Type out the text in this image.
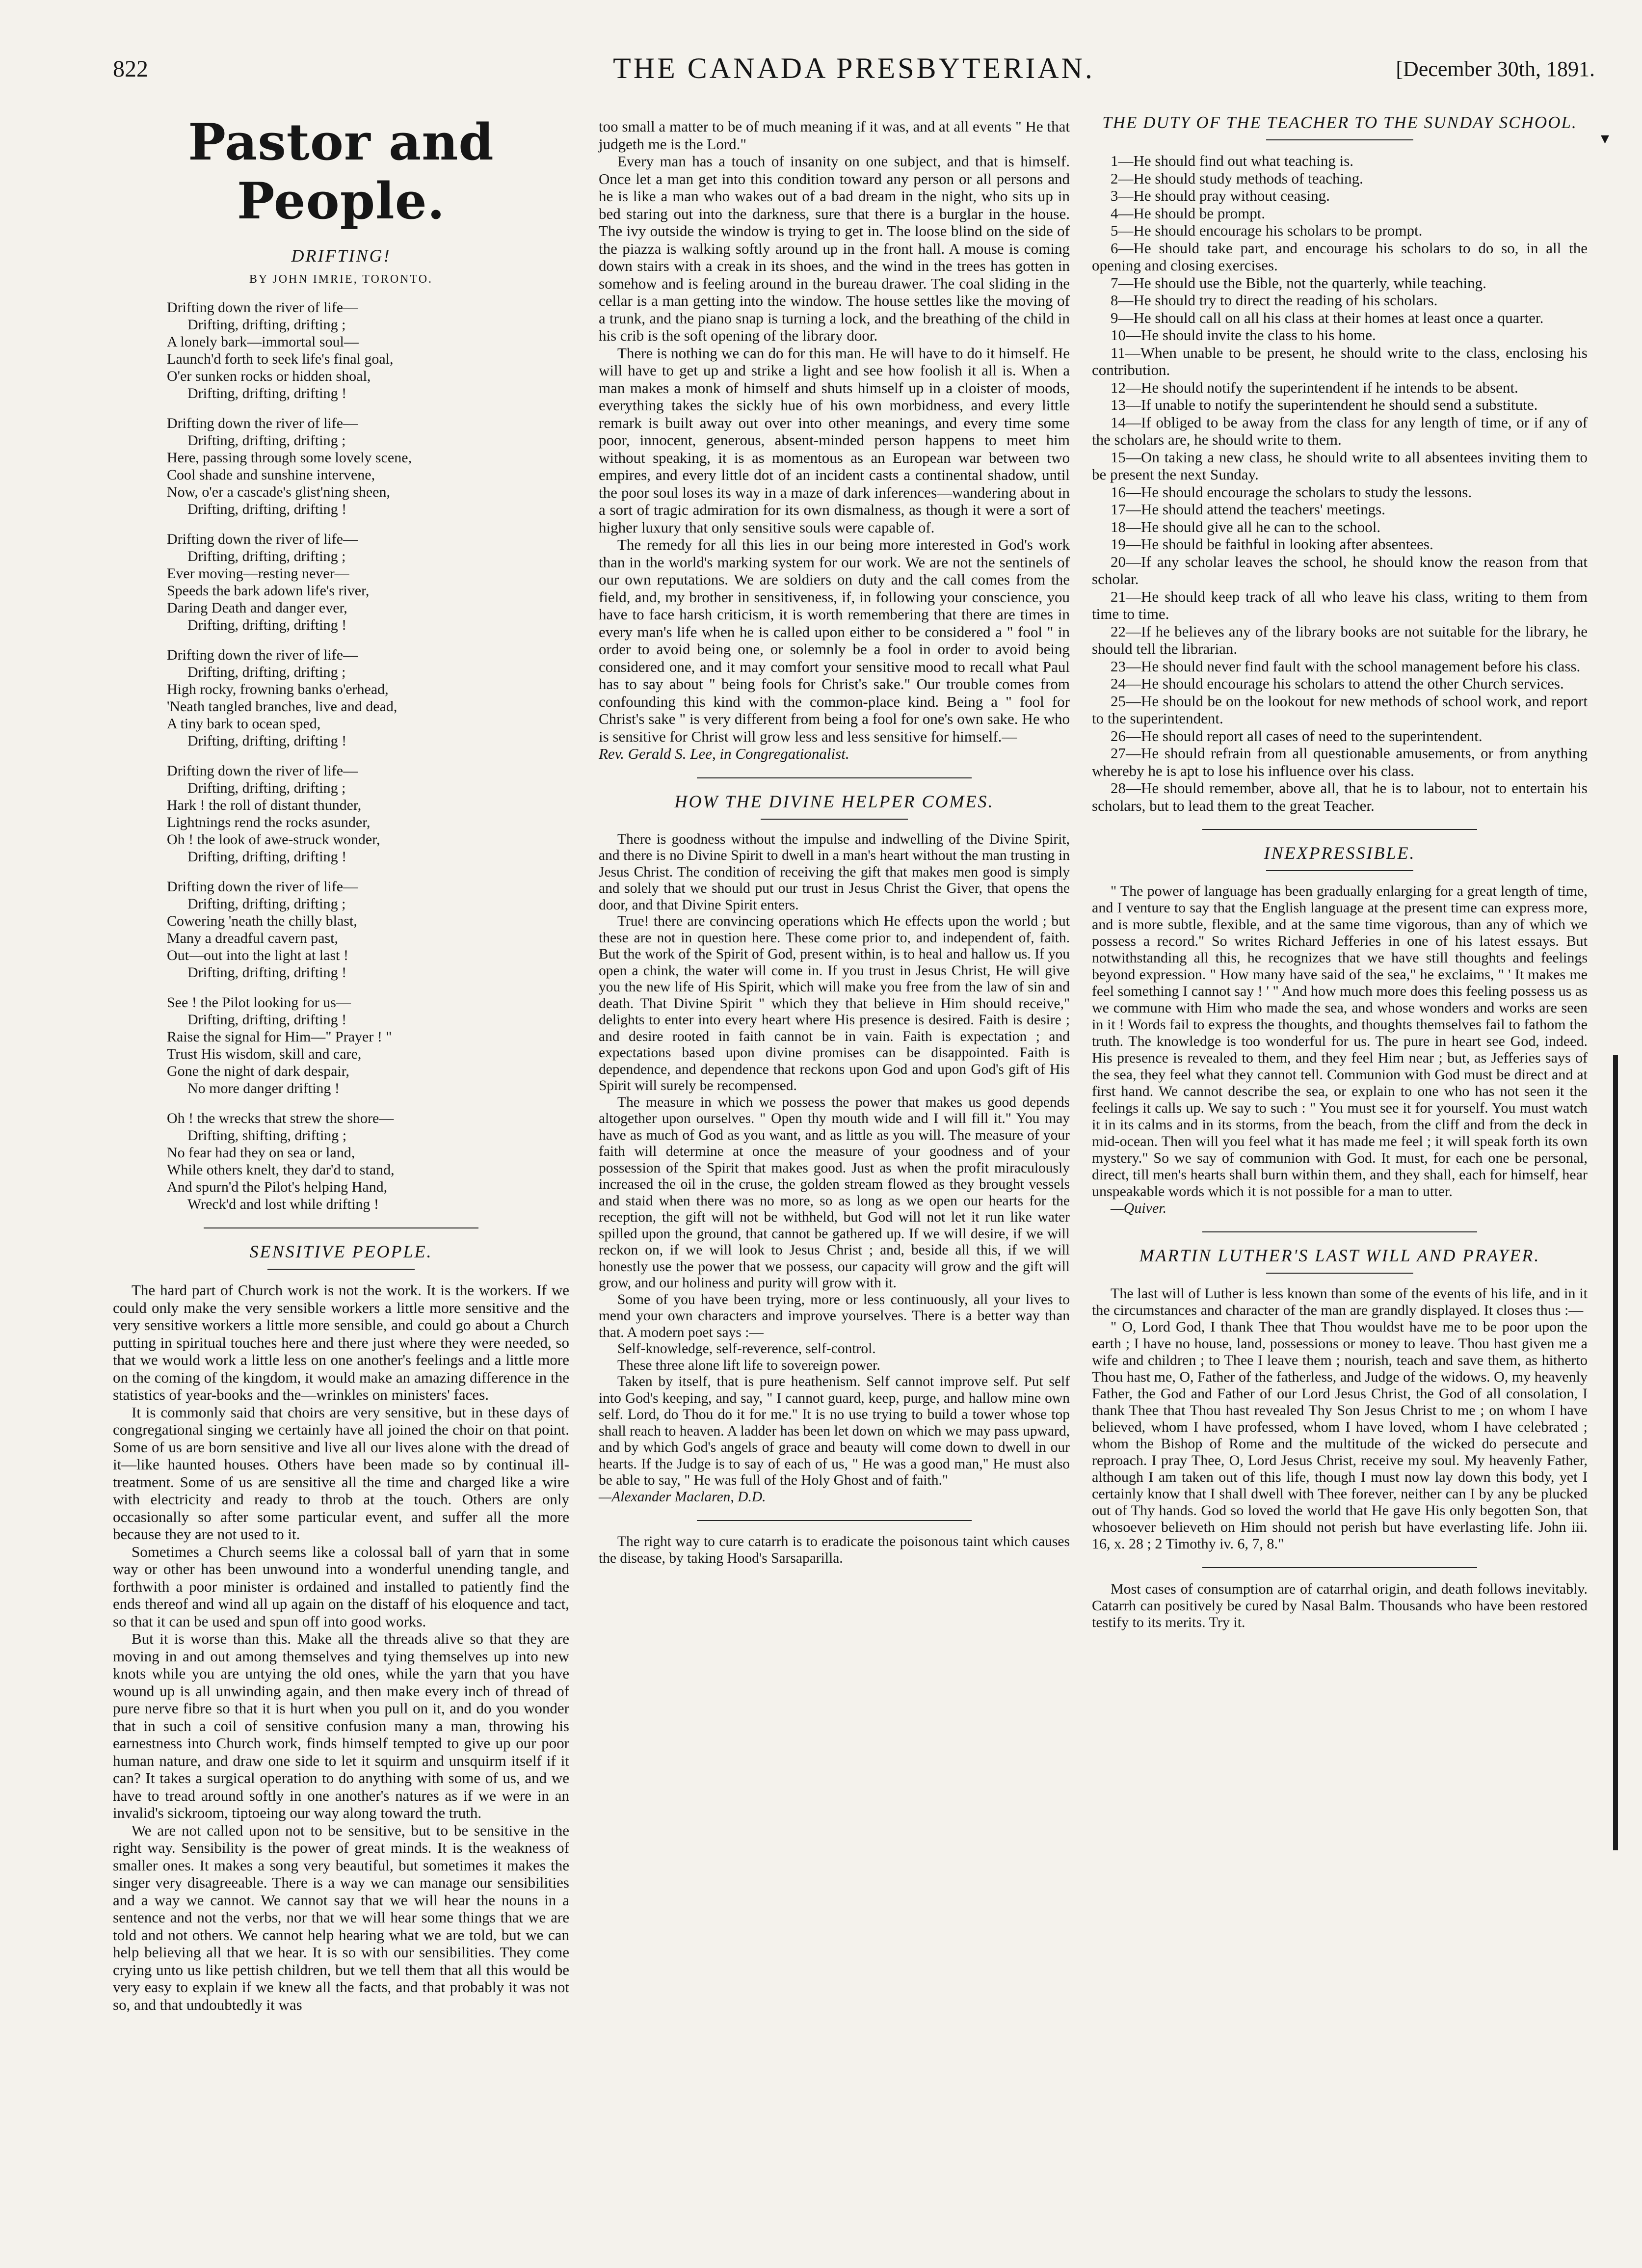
822	THE CANADA PRESBYTERIAN.	[December 30th, 1891.
▾
Pastor and People.
DRIFTING!
BY JOHN IMRIE, TORONTO.
Drifting down the river of life—
Drifting, drifting, drifting ;
A lonely bark—immortal soul—
Launch'd forth to seek life's final goal,
O'er sunken rocks or hidden shoal,
Drifting, drifting, drifting !
Drifting down the river of life—
Drifting, drifting, drifting ;
Here, passing through some lovely scene,
Cool shade and sunshine intervene,
Now, o'er a cascade's glist'ning sheen,
Drifting, drifting, drifting !
Drifting down the river of life—
Drifting, drifting, drifting ;
Ever moving—resting never—
Speeds the bark adown life's river,
Daring Death and danger ever,
Drifting, drifting, drifting !
Drifting down the river of life—
Drifting, drifting, drifting ;
High rocky, frowning banks o'erhead,
'Neath tangled branches, live and dead,
A tiny bark to ocean sped,
Drifting, drifting, drifting !
Drifting down the river of life—
Drifting, drifting, drifting ;
Hark ! the roll of distant thunder,
Lightnings rend the rocks asunder,
Oh ! the look of awe-struck wonder,
Drifting, drifting, drifting !
Drifting down the river of life—
Drifting, drifting, drifting ;
Cowering 'neath the chilly blast,
Many a dreadful cavern past,
Out—out into the light at last !
Drifting, drifting, drifting !
See ! the Pilot looking for us—
Drifting, drifting, drifting !
Raise the signal for Him—" Prayer ! "
Trust His wisdom, skill and care,
Gone the night of dark despair,
No more danger drifting !
Oh ! the wrecks that strew the shore—
Drifting, shifting, drifting ;
No fear had they on sea or land,
While others knelt, they dar'd to stand,
And spurn'd the Pilot's helping Hand,
Wreck'd and lost while drifting !
SENSITIVE PEOPLE.

The hard part of Church work is not the work. It is the workers. If we could only make the very sensible workers a little more sensitive and the very sensitive workers a little more sensible, and could go about a Church putting in spiritual touches here and there just where they were needed, so that we would work a little less on one another's feelings and a little more on the coming of the kingdom, it would make an amazing difference in the statistics of year-books and the—wrinkles on ministers' faces.

It is commonly said that choirs are very sensitive, but in these days of congregational singing we certainly have all joined the choir on that point. Some of us are born sensitive and live all our lives alone with the dread of it—like haunted houses. Others have been made so by continual ill-treatment. Some of us are sensitive all the time and charged like a wire with electricity and ready to throb at the touch. Others are only occasionally so after some particular event, and suffer all the more because they are not used to it.

Sometimes a Church seems like a colossal ball of yarn that in some way or other has been unwound into a wonderful unending tangle, and forthwith a poor minister is ordained and installed to patiently find the ends thereof and wind all up again on the distaff of his eloquence and tact, so that it can be used and spun off into good works.

But it is worse than this. Make all the threads alive so that they are moving in and out among themselves and tying themselves up into new knots while you are untying the old ones, while the yarn that you have wound up is all unwinding again, and then make every inch of thread of pure nerve fibre so that it is hurt when you pull on it, and do you wonder that in such a coil of sensitive confusion many a man, throwing his earnestness into Church work, finds himself tempted to give up our poor human nature, and draw one side to let it squirm and unsquirm itself if it can? It takes a surgical operation to do anything with some of us, and we have to tread around softly in one another's natures as if we were in an invalid's sickroom, tiptoeing our way along toward the truth.

We are not called upon not to be sensitive, but to be sensitive in the right way. Sensibility is the power of great minds. It is the weakness of smaller ones. It makes a song very beautiful, but sometimes it makes the singer very disagreeable. There is a way we can manage our sensibilities and a way we cannot. We cannot say that we will hear the nouns in a sentence and not the verbs, nor that we will hear some things that we are told and not others. We cannot help hearing what we are told, but we can help believing all that we hear. It is so with our sensibilities. They come crying unto us like pettish children, but we tell them that all this would be very easy to explain if we knew all the facts, and that probably it was not so, and that undoubtedly it was

too small a matter to be of much meaning if it was, and at all events " He that judgeth me is the Lord."

Every man has a touch of insanity on one subject, and that is himself. Once let a man get into this condition toward any person or all persons and he is like a man who wakes out of a bad dream in the night, who sits up in bed staring out into the darkness, sure that there is a burglar in the house. The ivy outside the window is trying to get in. The loose blind on the side of the piazza is walking softly around up in the front hall. A mouse is coming down stairs with a creak in its shoes, and the wind in the trees has gotten in somehow and is feeling around in the bureau drawer. The coal sliding in the cellar is a man getting into the window. The house settles like the moving of a trunk, and the piano snap is turning a lock, and the breathing of the child in his crib is the soft opening of the library door.

There is nothing we can do for this man. He will have to do it himself. He will have to get up and strike a light and see how foolish it all is. When a man makes a monk of himself and shuts himself up in a cloister of moods, everything takes the sickly hue of his own morbidness, and every little remark is built away out over into other meanings, and every time some poor, innocent, generous, absent-minded person happens to meet him without speaking, it is as momentous as an European war between two empires, and every little dot of an incident casts a continental shadow, until the poor soul loses its way in a maze of dark inferences—wandering about in a sort of tragic admiration for its own dismalness, as though it were a sort of higher luxury that only sensitive souls were capable of.

The remedy for all this lies in our being more interested in God's work than in the world's marking system for our work. We are not the sentinels of our own reputations. We are soldiers on duty and the call comes from the field, and, my brother in sensitiveness, if, in following your conscience, you have to face harsh criticism, it is worth remembering that there are times in every man's life when he is called upon either to be considered a " fool " in order to avoid being one, or solemnly be a fool in order to avoid being considered one, and it may comfort your sensitive mood to recall what Paul has to say about " being fools for Christ's sake." Our trouble comes from confounding this kind with the common-place kind. Being a " fool for Christ's sake " is very different from being a fool for one's own sake. He who is sensitive for Christ will grow less and less sensitive for himself.—

Rev. Gerald S. Lee, in Congregationalist.

HOW THE DIVINE HELPER COMES.

There is goodness without the impulse and indwelling of the Divine Spirit, and there is no Divine Spirit to dwell in a man's heart without the man trusting in Jesus Christ. The condition of receiving the gift that makes men good is simply and solely that we should put our trust in Jesus Christ the Giver, that opens the door, and that Divine Spirit enters.

True! there are convincing operations which He effects upon the world ; but these are not in question here. These come prior to, and independent of, faith. But the work of the Spirit of God, present within, is to heal and hallow us. If you open a chink, the water will come in. If you trust in Jesus Christ, He will give you the new life of His Spirit, which will make you free from the law of sin and death. That Divine Spirit " which they that believe in Him should receive," delights to enter into every heart where His presence is desired. Faith is desire ; and desire rooted in faith cannot be in vain. Faith is expectation ; and expectations based upon divine promises can be disappointed. Faith is dependence, and dependence that reckons upon God and upon God's gift of His Spirit will surely be recompensed.

The measure in which we possess the power that makes us good depends altogether upon ourselves. " Open thy mouth wide and I will fill it." You may have as much of God as you want, and as little as you will. The measure of your faith will determine at once the measure of your goodness and of your possession of the Spirit that makes good. Just as when the profit miraculously increased the oil in the cruse, the golden stream flowed as they brought vessels and staid when there was no more, so as long as we open our hearts for the reception, the gift will not be withheld, but God will not let it run like water spilled upon the ground, that cannot be gathered up. If we will desire, if we will reckon on, if we will look to Jesus Christ ; and, beside all this, if we will honestly use the power that we possess, our capacity will grow and the gift will grow, and our holiness and purity will grow with it.

Some of you have been trying, more or less continuously, all your lives to mend your own characters and improve yourselves. There is a better way than that. A modern poet says :—

Self-knowledge, self-reverence, self-control.

These three alone lift life to sovereign power.

Taken by itself, that is pure heathenism. Self cannot improve self. Put self into God's keeping, and say, " I cannot guard, keep, purge, and hallow mine own self. Lord, do Thou do it for me." It is no use trying to build a tower whose top shall reach to heaven. A ladder has been let down on which we may pass upward, and by which God's angels of grace and beauty will come down to dwell in our hearts. If the Judge is to say of each of us, " He was a good man," He must also be able to say, " He was full of the Holy Ghost and of faith."

—Alexander Maclaren, D.D.

The right way to cure catarrh is to eradicate the poisonous taint which causes the disease, by taking Hood's Sarsaparilla.

THE DUTY OF THE TEACHER TO THE SUNDAY SCHOOL.
1—He should find out what teaching is.
2—He should study methods of teaching.
3—He should pray without ceasing.
4—He should be prompt.
5—He should encourage his scholars to be prompt.
6—He should take part, and encourage his scholars to do so, in all the opening and closing exercises.
7—He should use the Bible, not the quarterly, while teaching.
8—He should try to direct the reading of his scholars.
9—He should call on all his class at their homes at least once a quarter.
10—He should invite the class to his home.
11—When unable to be present, he should write to the class, enclosing his contribution.
12—He should notify the superintendent if he intends to be absent.
13—If unable to notify the superintendent he should send a substitute.
14—If obliged to be away from the class for any length of time, or if any of the scholars are, he should write to them.
15—On taking a new class, he should write to all absentees inviting them to be present the next Sunday.
16—He should encourage the scholars to study the lessons.
17—He should attend the teachers' meetings.
18—He should give all he can to the school.
19—He should be faithful in looking after absentees.
20—If any scholar leaves the school, he should know the reason from that scholar.
21—He should keep track of all who leave his class, writing to them from time to time.
22—If he believes any of the library books are not suitable for the library, he should tell the librarian.
23—He should never find fault with the school management before his class.
24—He should encourage his scholars to attend the other Church services.
25—He should be on the lookout for new methods of school work, and report to the superintendent.
26—He should report all cases of need to the superintendent.
27—He should refrain from all questionable amusements, or from anything whereby he is apt to lose his influence over his class.
28—He should remember, above all, that he is to labour, not to entertain his scholars, but to lead them to the great Teacher.
INEXPRESSIBLE.

" The power of language has been gradually enlarging for a great length of time, and I venture to say that the English language at the present time can express more, and is more subtle, flexible, and at the same time vigorous, than any of which we possess a record." So writes Richard Jefferies in one of his latest essays. But notwithstanding all this, he recognizes that we have still thoughts and feelings beyond expression. " How many have said of the sea," he exclaims, " ' It makes me feel something I cannot say ! ' " And how much more does this feeling possess us as we commune with Him who made the sea, and whose wonders and works are seen in it ! Words fail to express the thoughts, and thoughts themselves fail to fathom the truth. The knowledge is too wonderful for us. The pure in heart see God, indeed. His presence is revealed to them, and they feel Him near ; but, as Jefferies says of the sea, they feel what they cannot tell. Communion with God must be direct and at first hand. We cannot describe the sea, or explain to one who has not seen it the feelings it calls up. We say to such : " You must see it for yourself. You must watch it in its calms and in its storms, from the beach, from the cliff and from the deck in mid-ocean. Then will you feel what it has made me feel ; it will speak forth its own mystery." So we say of communion with God. It must, for each one be personal, direct, till men's hearts shall burn within them, and they shall, each for himself, hear unspeakable words which it is not possible for a man to utter.

—Quiver.

MARTIN LUTHER'S LAST WILL AND PRAYER.

The last will of Luther is less known than some of the events of his life, and in it the circumstances and character of the man are grandly displayed. It closes thus :—

" O, Lord God, I thank Thee that Thou wouldst have me to be poor upon the earth ; I have no house, land, possessions or money to leave. Thou hast given me a wife and children ; to Thee I leave them ; nourish, teach and save them, as hitherto Thou hast me, O, Father of the fatherless, and Judge of the widows. O, my heavenly Father, the God and Father of our Lord Jesus Christ, the God of all consolation, I thank Thee that Thou hast revealed Thy Son Jesus Christ to me ; on whom I have believed, whom I have professed, whom I have loved, whom I have celebrated ; whom the Bishop of Rome and the multitude of the wicked do persecute and reproach. I pray Thee, O, Lord Jesus Christ, receive my soul. My heavenly Father, although I am taken out of this life, though I must now lay down this body, yet I certainly know that I shall dwell with Thee forever, neither can I by any be plucked out of Thy hands. God so loved the world that He gave His only begotten Son, that whosoever believeth on Him should not perish but have everlasting life. John iii. 16, x. 28 ; 2 Timothy iv. 6, 7, 8."

Most cases of consumption are of catarrhal origin, and death follows inevitably. Catarrh can positively be cured by Nasal Balm. Thousands who have been restored testify to its merits. Try it.
